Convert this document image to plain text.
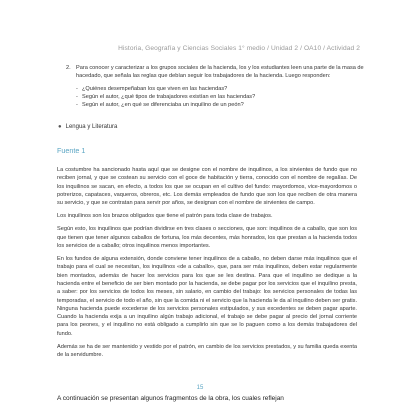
Historia, Geografía y Ciencias Sociales 1° medio / Unidad 2 / OA10 / Actividad 2
2. Para conocer y caracterizar a los grupos sociales de la hacienda, los y los estudiantes leen una parte de la masa de hacedado, que señala las reglas que debían seguir los trabajadores de la hacienda. Luego responden:
- ¿Quiénes desempeñaban los que viven en las haciendas?
- Según el autor, ¿qué tipos de trabajadores existían en las haciendas?
- Según el autor, ¿en qué se diferenciaba un inquilino de un peón?
● Lengua y Literatura
Fuente 1

La costumbre ha sancionado hasta aquí que se designe con el nombre de inquilinos, a los sirvientes de fundo que no reciben jornal, y que se costean su servicio con el goce de habitación y tierra, conocido con el nombre de regalías. De los inquilinos se sacan, en efecto, a todos los que se ocupan en el cultivo del fundo: mayordomos, vice-mayordomos o potrerizos, capataces, vaqueros, obreros, etc. Los demás empleados de fundo que son los que reciben de otra manera su servicio, y que se contratan para servir por años, se designan con el nombre de sirvientes de campo.

Los inquilinos son los brazos obligados que tiene el patrón para toda clase de trabajos.

Según esto, los inquilinos que podrían dividirse en tres clases o secciones, que son: inquilinos de a caballo, que son los que tienen que tener algunos caballos de fortuna, los más decentes, más honrados, los que prestan a la hacienda todos los servicios de a caballo; otros inquilinos menos importantes.

En los fundos de alguna extensión, donde conviene tener inquilinos de a caballo, no deben darse más inquilinos que el trabajo para el cual se necesitan, los inquilinos «de a caballo», que, para ser más inquilinos, deben estar regularmente bien montados, además de hacer los servicios para los que se les destina. Para que el inquilino se dedique a la hacienda entre el beneficio de ser bien montado por la hacienda, se debe pagar por los servicios que el inquilino presta, a saber: por los servicios de todos los meses, sin salario, en cambio del trabajo: los servicios personales de todas las temporadas, el servicio de todo el año, sin que la comida ni el servicio que la hacienda le da al inquilino deben ser gratis. Ninguna hacienda puede excederse de los servicios personales estipulados, y sus excedentes se deben pagar aparte. Cuando la hacienda exija a un inquilino algún trabajo adicional, el trabajo se debe pagar al precio del jornal corriente para los peones, y el inquilino no está obligado a cumplirlo sin que se lo paguen como a los demás trabajadores del fundo.

Además se ha de ser mantenido y vestido por el patrón, en cambio de los servicios prestados, y su familia queda exenta de la servidumbre.

15
A continuación se presentan algunos fragmentos de la obra, los cuales reflejan
